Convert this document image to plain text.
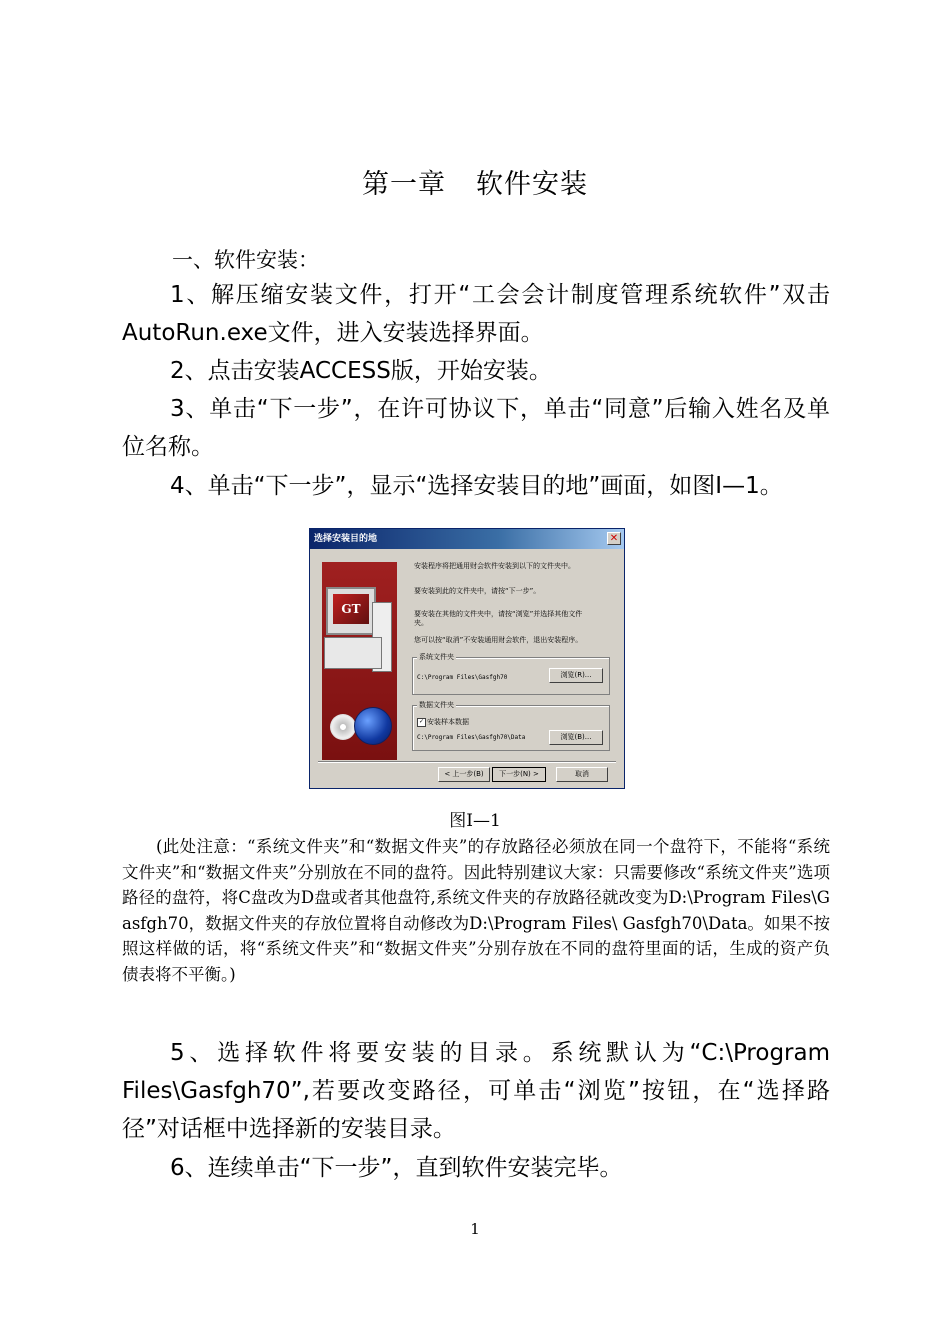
第一章 软件安装
一、软件安装：

1、解压缩安装文件，打开“工会会计制度管理系统软件”双击AutoRun.exe文件，进入安装选择界面。

2、点击安装ACCESS版，开始安装。

3、单击“下一步”，在许可协议下，单击“同意”后输入姓名及单位名称。

4、单击“下一步”，显示“选择安装目的地”画面，如图Ⅰ—1。

选择安装目的地	✕
GT
安装程序将把通用财会软件安装到以下的文件夹中。
要安装到此的文件夹中，请按“下一步”。
要安装在其他的文件夹中，请按“浏览”并选择其他文件
夹。
您可以按“取消”不安装通用财会软件，退出安装程序。
系统文件夹
C:\Program Files\Gasfgh70	浏览(R)...
数据文件夹
✓ 安装样本数据
C:\Program Files\Gasfgh70\Data	浏览(B)...
< 上一步(B)	下一步(N) >	取消
图Ⅰ—1

(此处注意：“系统文件夹”和“数据文件夹”的存放路径必须放在同一个盘符下，不能将“系统文件夹”和“数据文件夹”分别放在不同的盘符。因此特别建议大家：只需要修改“系统文件夹”选项路径的盘符，将C盘改为D盘或者其他盘符,系统文件夹的存放路径就改变为D:\Program Files\Gasfgh70，数据文件夹的存放位置将自动修改为D:\Program Files\ Gasfgh70\Data。如果不按照这样做的话，将“系统文件夹”和“数据文件夹”分别存放在不同的盘符里面的话，生成的资产负债表将不平衡。)

5、选择软件将要安装的目录。系统默认为“C:\Program Files\Gasfgh70”,若要改变路径，可单击“浏览”按钮，在“选择路径”对话框中选择新的安装目录。

6、连续单击“下一步”，直到软件安装完毕。

1
